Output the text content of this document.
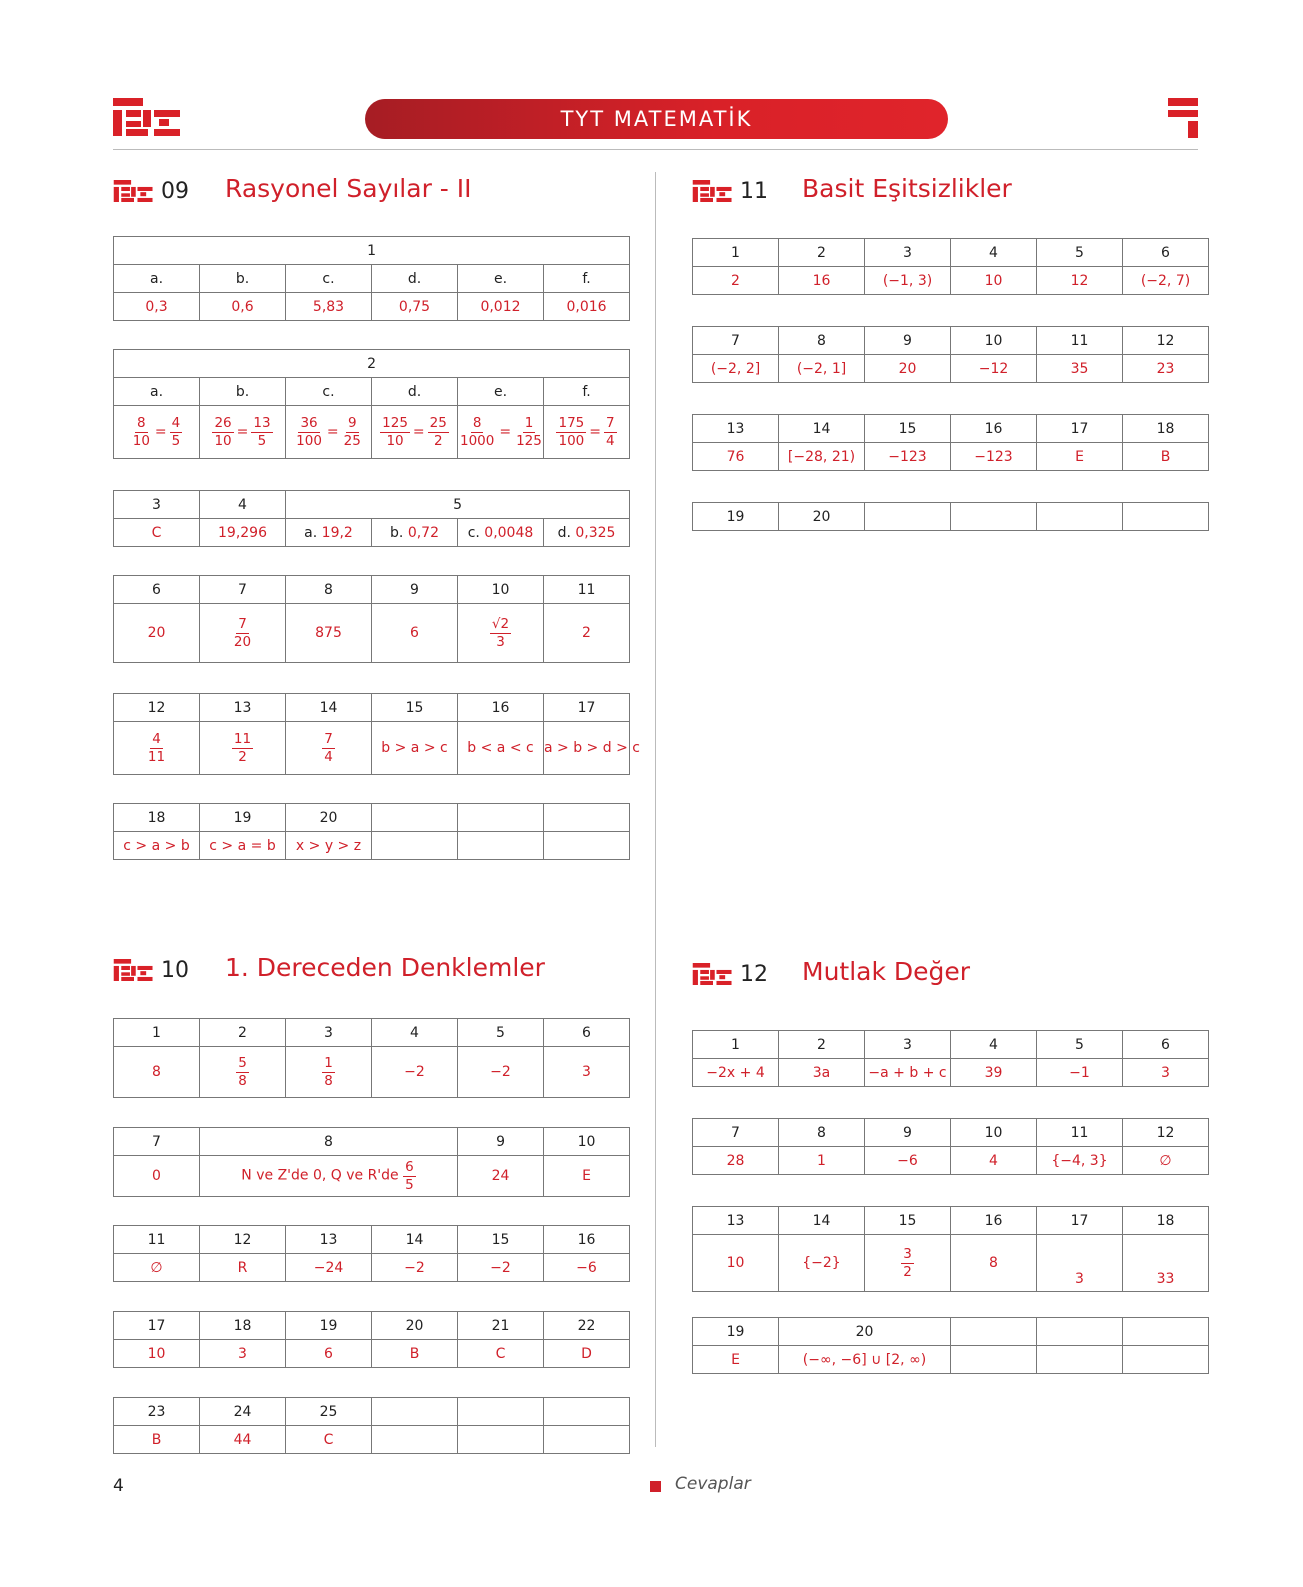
TYT MATEMATİK
09 Rasyonel Sayılar - II
1					
a.	b.	c.	d.	e.	f.
0,3	0,6	5,83	0,75	0,012	0,016
2					
a.	b.	c.	d.	e.	f.

$\frac{8}{10} = \frac{4}{5}$	$\frac{26}{10} = \frac{13}{5}$	$\frac{36}{100} = \frac{9}{25}$	$\frac{125}{10} = \frac{25}{2}$	$\frac{8}{1000} = \frac{1}{125}$	$\frac{175}{100} = \frac{7}{4}$
3	4	5			
C	19,296	a. 19,2	b. 0,72	c. 0,0048	d. 0,325
6	7	8	9	10	11
20	$\frac{7}{20}$	875	6	$\frac{√2}{3}$	2
12	13	14	15	16	17

$\frac{4}{11}$	$\frac{11}{2}$	$\frac{7}{4}$	b > a > c	b < a < c	a > b > d > c
18	19	20			
c > a > b	c > a = b	x > y > z			
10 1. Dereceden Denklemler
1	2	3	4	5	6
8	$\frac{5}{8}$	$\frac{1}{8}$	−2	−2	3
7	8	9	10
0	N ve Z'de 0, Q ve $R'de \frac{6}{5}$	24	E
11	12	13	14	15	16
∅	R	−24	−2	−2	−6
17	18	19	20	21	22
10	3	6	B	C	D
23	24	25			
B	44	C			
11 Basit Eşitsizlikler
1	2	3	4	5	6
2	16	(−1, 3)	10	12	(−2, 7)
7	8	9	10	11	12
(−2, 2]	(−2, 1]	20	−12	35	23
13	14	15	16	17	18
76	[−28, 21)	−123	−123	E	B
19	20				
12 Mutlak Değer
1	2	3	4	5	6
−2x + 4	3a	−a + b + c	39	−1	3
7	8	9	10	11	12
28	1	−6	4	{−4, 3}	∅
13	14	15	16	17	18
10	{−2}	$\frac{3}{2}$	8	3	33
19	20			
E	(−∞, −6] ∪ [2, ∞)			
4	Cevaplar
